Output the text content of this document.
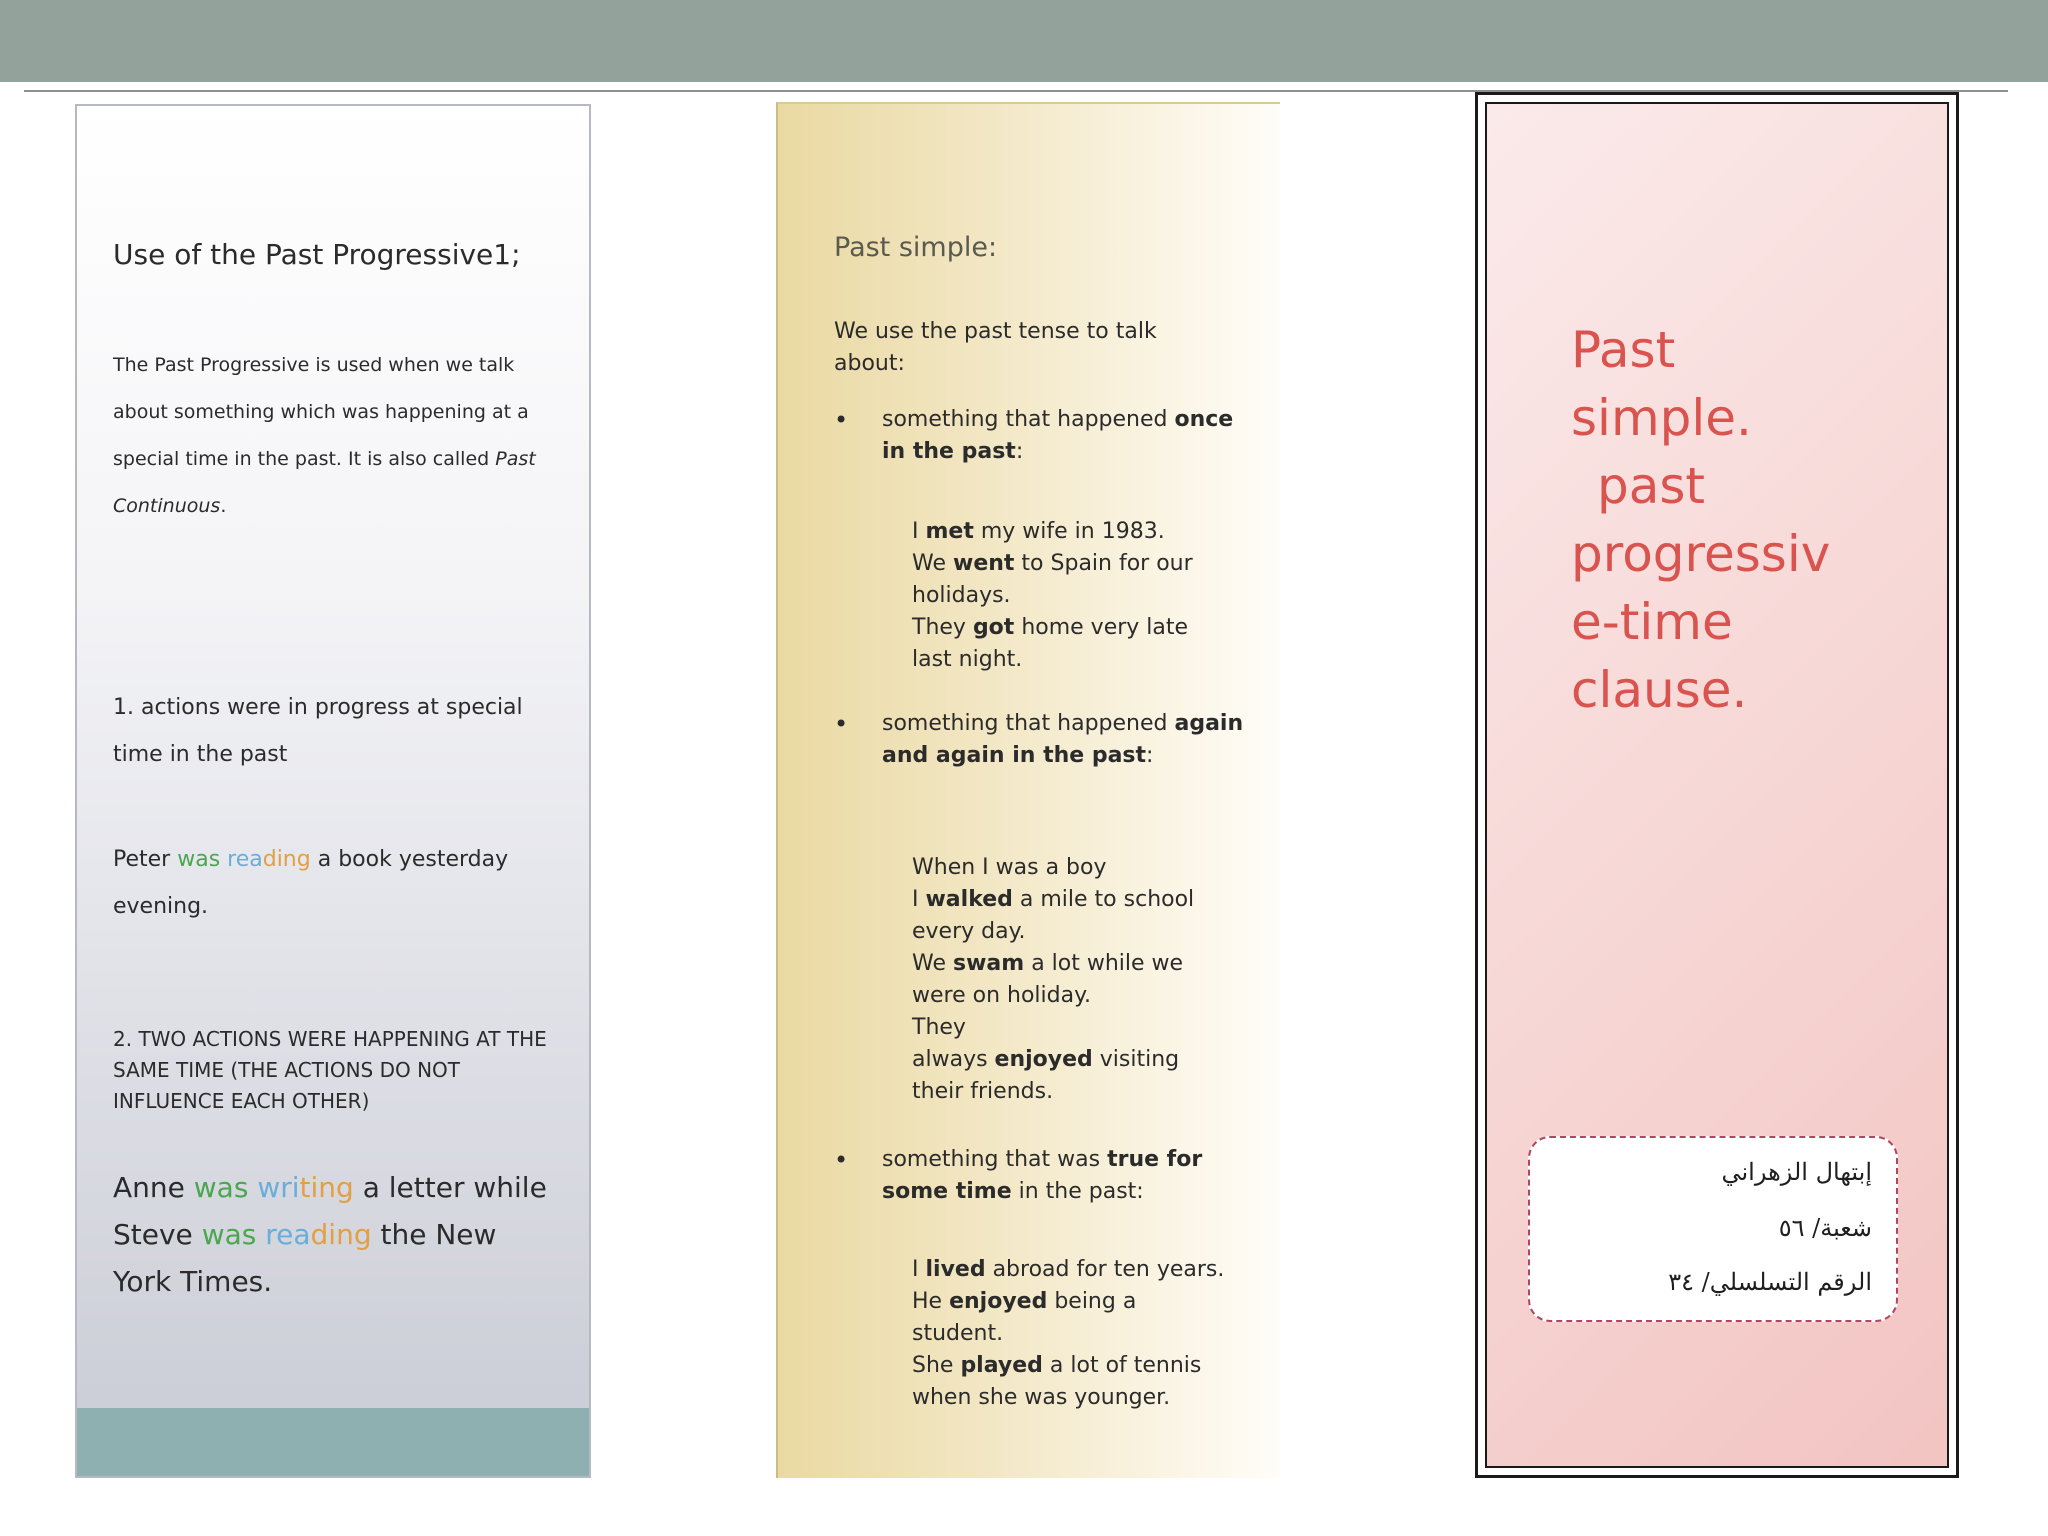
Use of the Past Progressive1;
The Past Progressive is used when we talk about something which was happening at a special time in the past. It is also called Past Continuous.
1. actions were in progress at special time in the past
Peter was reading a book yesterday evening.
2. TWO ACTIONS WERE HAPPENING AT THE SAME TIME (THE ACTIONS DO NOT INFLUENCE EACH OTHER)
Anne was writing a letter while Steve was reading the New York Times.
Past simple:
We use the past tense to talk about:
• something that happened once in the past:
I met my wife in 1983.
We went to Spain for our holidays.
They got home very late last night.
• something that happened again and again in the past:
When I was a boy
I walked a mile to school every day.
We swam a lot while we were on holiday.
They
always enjoyed visiting their friends.
• something that was true for some time in the past:
I lived abroad for ten years.
He enjoyed being a student.
She played a lot of tennis when she was younger.
Past
simple.
past
progressiv
e-time
clause.
إبتهال الزهراني
شعبة/ ٥٦
الرقم التسلسلي/ ٣٤
